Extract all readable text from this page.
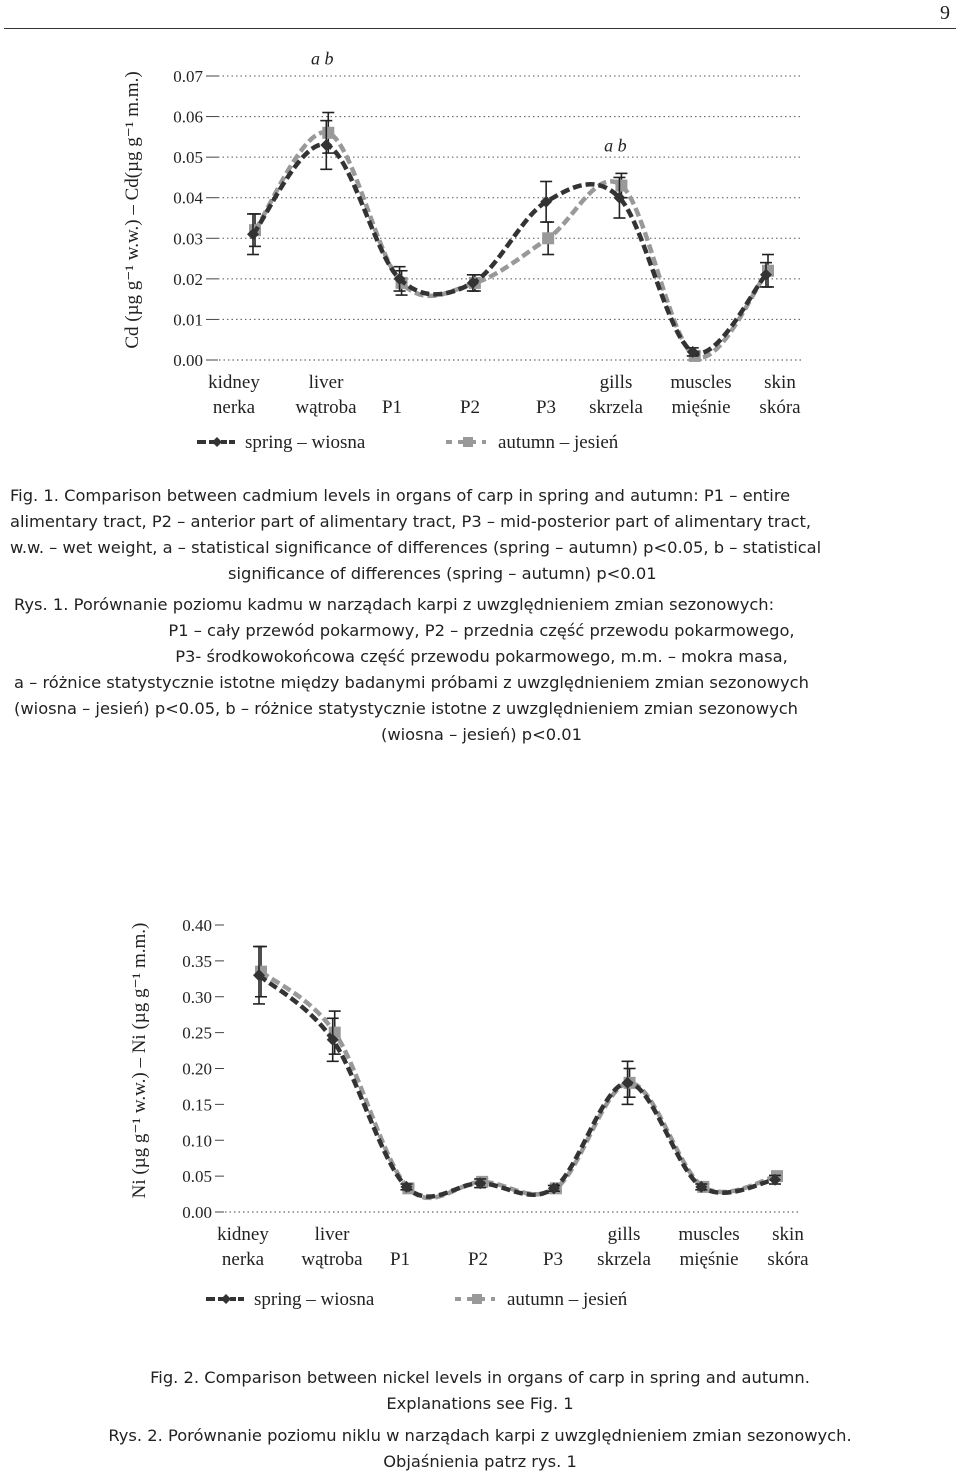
9
0.00
0.01
0.02
0.03
0.04
0.05
0.06
0.07
Cd (µg g⁻¹ w.w.) – Cd(µg g⁻¹ m.m.)
kidney
nerka
liver
wątroba P1	P2	P3
gills
skrzela
muscles
mięśnie
skin
skóra
a b
a b
spring – wiosna	autumn – jesień

Fig. 1. Comparison between cadmium levels in organs of carp in spring and autumn: P1 – entire

alimentary tract, P2 – anterior part of alimentary tract, P3 – mid-posterior part of alimentary tract,

w.w. – wet weight, a – statistical significance of differences (spring – autumn) p<0.05, b – statistical

significance of differences (spring – autumn) p<0.01

Rys. 1. Porównanie poziomu kadmu w narządach karpi z uwzględnieniem zmian sezonowych:

P1 – cały przewód pokarmowy, P2 – przednia część przewodu pokarmowego,

P3- środkowokońcowa część przewodu pokarmowego, m.m. – mokra masa,

a – różnice statystycznie istotne między badanymi próbami z uwzględnieniem zmian sezonowych

(wiosna – jesień) p<0.05, b – różnice statystycznie istotne z uwzględnieniem zmian sezonowych

(wiosna – jesień) p<0.01

0.00
0.05
0.10
0.15
0.20
0.25
0.30
0.35
0.40
Ni (µg g⁻¹ w.w.) – Ni (µg g⁻¹ m.m.)
kidney
nerka
liver
wątroba P1	P2	P3
gills
skrzela
muscles
mięśnie
skin
skóra
spring – wiosna	autumn – jesień

Fig. 2. Comparison between nickel levels in organs of carp in spring and autumn.

Explanations see Fig. 1

Rys. 2. Porównanie poziomu niklu w narządach karpi z uwzględnieniem zmian sezonowych.

Objaśnienia patrz rys. 1
